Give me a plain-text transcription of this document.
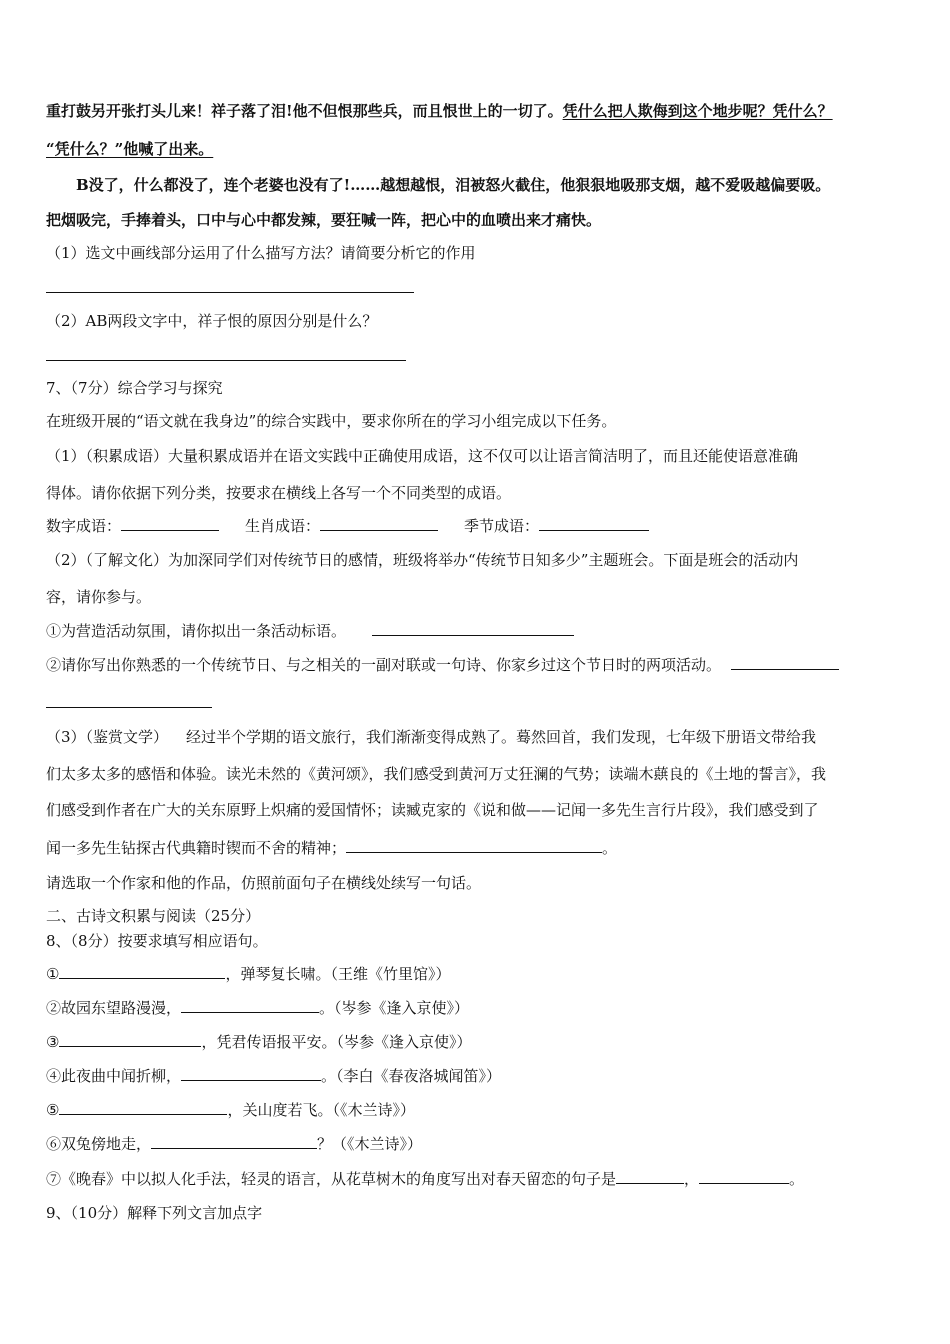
重打鼓另开张打头儿来！祥子落了泪!他不但恨那些兵，而且恨世上的一切了。凭什么把人欺侮到这个地步呢？凭什么？
“凭什么？”他喊了出来。
B没了，什么都没了，连个老婆也没有了!……越想越恨，泪被怒火截住，他狠狠地吸那支烟，越不爱吸越偏要吸。
把烟吸完，手捧着头，口中与心中都发辣，要狂喊一阵，把心中的血喷出来才痛快。
（1）选文中画线部分运用了什么描写方法？请简要分析它的作用
（2）AB两段文字中，祥子恨的原因分别是什么？
7、（7分）综合学习与探究
在班级开展的“语文就在我身边”的综合实践中，要求你所在的学习小组完成以下任务。
（1）（积累成语）大量积累成语并在语文实践中正确使用成语，这不仅可以让语言简洁明了，而且还能使语意准确
得体。请你依据下列分类，按要求在横线上各写一个不同类型的成语。
数字成语：	生肖成语：	季节成语：
（2）（了解文化）为加深同学们对传统节日的感情，班级将举办“传统节日知多少”主题班会。下面是班会的活动内
容，请你参与。
①为营造活动氛围，请你拟出一条活动标语。
②请你写出你熟悉的一个传统节日、与之相关的一副对联或一句诗、你家乡过这个节日时的两项活动。
（3）（鉴赏文学） 经过半个学期的语文旅行，我们渐渐变得成熟了。蓦然回首，我们发现，七年级下册语文带给我
们太多太多的感悟和体验。读光未然的《黄河颂》，我们感受到黄河万丈狂澜的气势；读端木蕻良的《土地的誓言》，我
们感受到作者在广大的关东原野上炽痛的爱国情怀；读臧克家的《说和做——记闻一多先生言行片段》，我们感受到了
闻一多先生钻探古代典籍时锲而不舍的精神；	。
请选取一个作家和他的作品，仿照前面句子在横线处续写一句话。
二、古诗文积累与阅读（25分）
8、（8分）按要求填写相应语句。
①	，弹琴复长啸。（王维《竹里馆》）
②故园东望路漫漫，	。（岑参《逢入京使》）
③	，凭君传语报平安。（岑参《逢入京使》）
④此夜曲中闻折柳，	。（李白《春夜洛城闻笛》）
⑤	，关山度若飞。（《木兰诗》）
⑥双兔傍地走，	？（《木兰诗》）
⑦《晚春》中以拟人化手法，轻灵的语言，从花草树木的角度写出对春天留恋的句子是	，	。
9、（10分）解释下列文言加点字
